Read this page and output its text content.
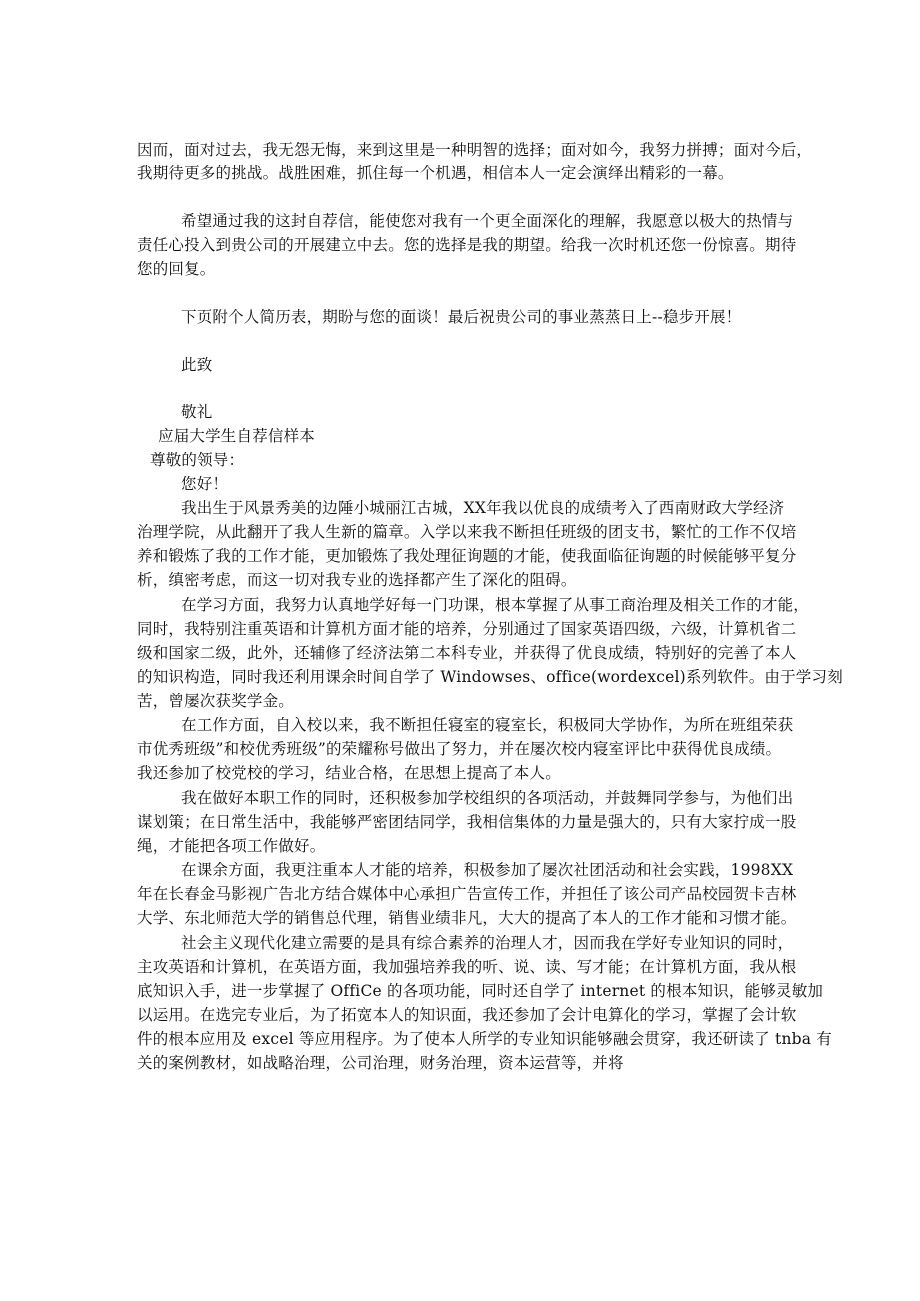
因而，面对过去，我无怨无悔，来到这里是一种明智的选择；面对如今，我努力拼搏；面对今后，
我期待更多的挑战。战胜困难，抓住每一个机遇，相信本人一定会演绎出精彩的一幕。
希望通过我的这封自荐信，能使您对我有一个更全面深化的理解，我愿意以极大的热情与
责任心投入到贵公司的开展建立中去。您的选择是我的期望。给我一次时机还您一份惊喜。期待
您的回复。
下页附个人简历表，期盼与您的面谈！最后祝贵公司的事业蒸蒸日上--稳步开展！
此致
敬礼
应届大学生自荐信样本
尊敬的领导：
您好！
我出生于风景秀美的边陲小城丽江古城，XX年我以优良的成绩考入了西南财政大学经济
治理学院，从此翻开了我人生新的篇章。入学以来我不断担任班级的团支书，繁忙的工作不仅培
养和锻炼了我的工作才能，更加锻炼了我处理征询题的才能，使我面临征询题的时候能够平复分
析，缜密考虑，而这一切对我专业的选择都产生了深化的阻碍。
在学习方面，我努力认真地学好每一门功课，根本掌握了从事工商治理及相关工作的才能，
同时，我特别注重英语和计算机方面才能的培养，分别通过了国家英语四级，六级，计算机省二
级和国家二级，此外，还辅修了经济法第二本科专业，并获得了优良成绩，特别好的完善了本人
的知识构造，同时我还利用课余时间自学了 Windowses、office(wordexcel)系列软件。由于学习刻
苦，曾屡次获奖学金。
在工作方面，自入校以来，我不断担任寝室的寝室长，积极同大学协作，为所在班组荣获
市优秀班级”和校优秀班级”的荣耀称号做出了努力，并在屡次校内寝室评比中获得优良成绩。
我还参加了校党校的学习，结业合格，在思想上提高了本人。
我在做好本职工作的同时，还积极参加学校组织的各项活动，并鼓舞同学参与，为他们出
谋划策；在日常生活中，我能够严密团结同学，我相信集体的力量是强大的，只有大家拧成一股
绳，才能把各项工作做好。
在课余方面，我更注重本人才能的培养，积极参加了屡次社团活动和社会实践，1998XX
年在长春金马影视广告北方结合媒体中心承担广告宣传工作，并担任了该公司产品校园贺卡吉林
大学、东北师范大学的销售总代理，销售业绩非凡，大大的提高了本人的工作才能和习惯才能。
社会主义现代化建立需要的是具有综合素养的治理人才，因而我在学好专业知识的同时，
主攻英语和计算机，在英语方面，我加强培养我的听、说、读、写才能；在计算机方面，我从根
底知识入手，进一步掌握了 OffiCe 的各项功能，同时还自学了 internet 的根本知识，能够灵敏加
以运用。在选完专业后，为了拓宽本人的知识面，我还参加了会计电算化的学习，掌握了会计软
件的根本应用及 excel 等应用程序。为了使本人所学的专业知识能够融会贯穿，我还研读了 tnba 有
关的案例教材，如战略治理，公司治理，财务治理，资本运营等，并将
